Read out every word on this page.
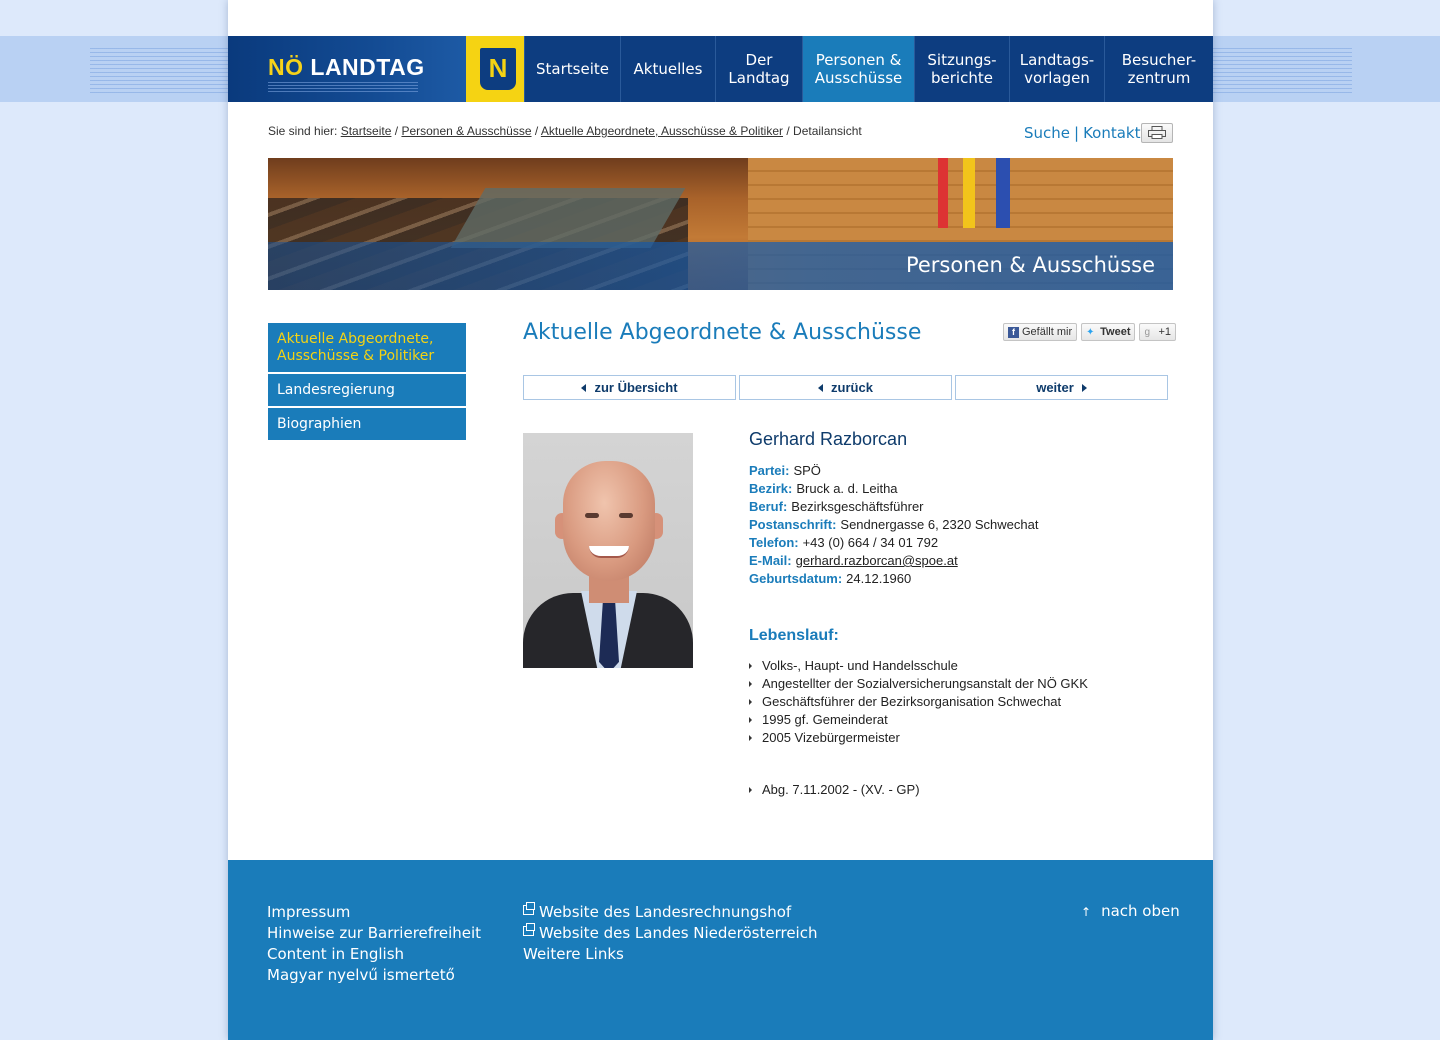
NÖ LANDTAG N	Startseite Aktuelles	Der
Landtag
Personen &
Ausschüsse
Sitzungs-
berichte
Landtags-
vorlagen
Besucher-
zentrum
Sie sind hier: Startseite / Personen & Ausschüsse / Aktuelle Abgeordnete, Ausschüsse & Politiker / Detailansicht	Suche | Kontakt
Personen & Ausschüsse
Aktuelle Abgeordnete,
Ausschüsse & Politiker
Landesregierung
Biographien
Aktuelle Abgeordnete & Ausschüsse	f Gefällt mir ✦ Tweet g +1
zur Übersicht	zurück	weiter
Gerhard Razborcan
Partei: SPÖ
Bezirk: Bruck a. d. Leitha
Beruf: Bezirksgeschäftsführer
Postanschrift: Sendnergasse 6, 2320 Schwechat
Telefon: +43 (0) 664 / 34 01 792
E-Mail: gerhard.razborcan@spoe.at
Geburtsdatum: 24.12.1960
Lebenslauf:
Volks-, Haupt- und Handelsschule
Angestellter der Sozialversicherungsanstalt der NÖ GKK
Geschäftsführer der Bezirksorganisation Schwechat
1995 gf. Gemeinderat
2005 Vizebürgermeister
Abg. 7.11.2002 - (XV. - GP)
Impressum
Hinweise zur Barrierefreiheit
Content in English
Magyar nyelvű ismertető
Website des Landesrechnungshof
Website des Landes Niederösterreich
Weitere Links
↑ nach oben
